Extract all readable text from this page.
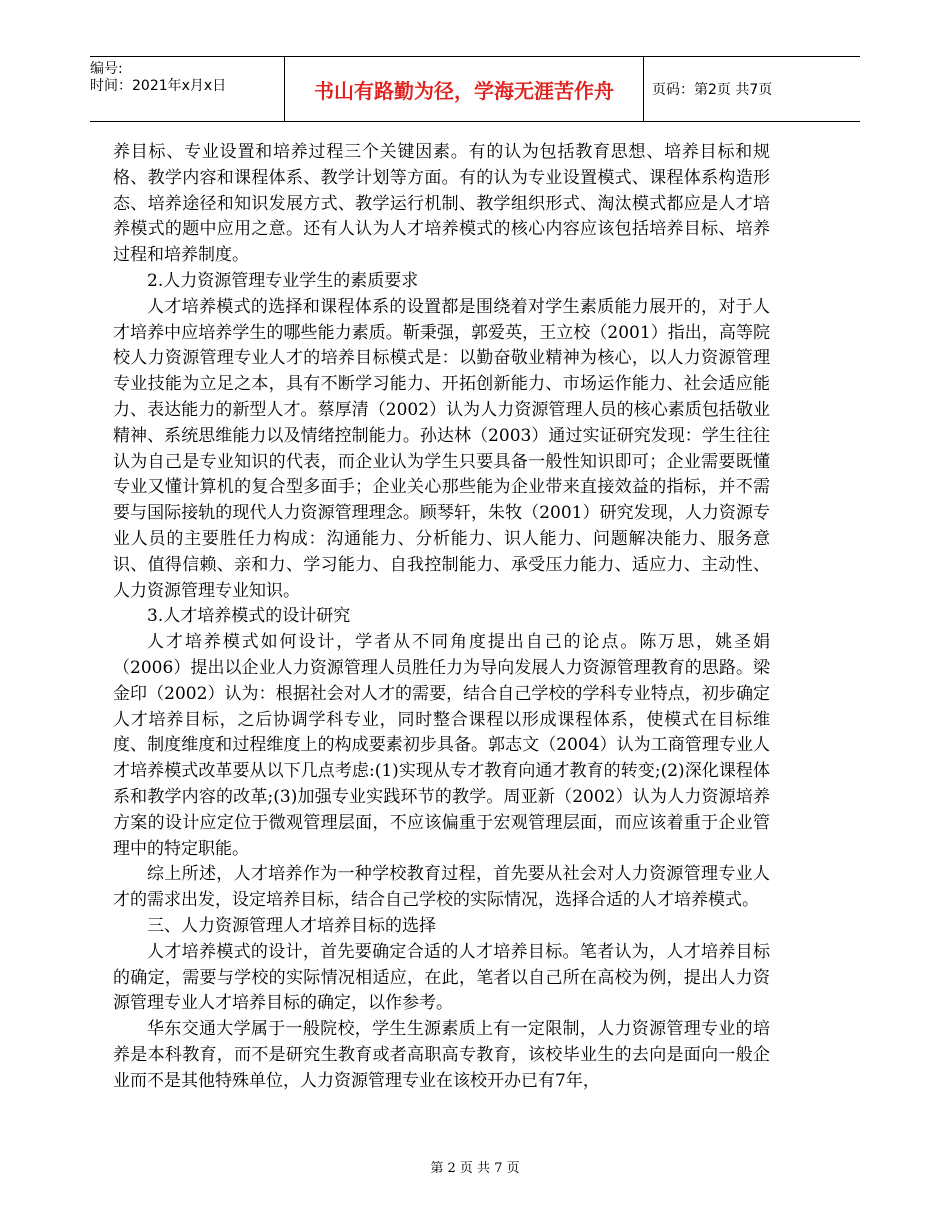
编号:
时间：2021年x月x日	书山有路勤为径，学海无涯苦作舟	页码：第2页 共7页

养目标、专业设置和培养过程三个关键因素。有的认为包括教育思想、培养目标和规格、教学内容和课程体系、教学计划等方面。有的认为专业设置模式、课程体系构造形态、培养途径和知识发展方式、教学运行机制、教学组织形式、淘汰模式都应是人才培养模式的题中应用之意。还有人认为人才培养模式的核心内容应该包括培养目标、培养过程和培养制度。

2.人力资源管理专业学生的素质要求

人才培养模式的选择和课程体系的设置都是围绕着对学生素质能力展开的，对于人才培养中应培养学生的哪些能力素质。靳秉强，郭爱英，王立校（2001）指出，高等院校人力资源管理专业人才的培养目标模式是：以勤奋敬业精神为核心，以人力资源管理专业技能为立足之本，具有不断学习能力、开拓创新能力、市场运作能力、社会适应能力、表达能力的新型人才。蔡厚清（2002）认为人力资源管理人员的核心素质包括敬业精神、系统思维能力以及情绪控制能力。孙达林（2003）通过实证研究发现：学生往往认为自己是专业知识的代表，而企业认为学生只要具备一般性知识即可；企业需要既懂专业又懂计算机的复合型多面手；企业关心那些能为企业带来直接效益的指标，并不需要与国际接轨的现代人力资源管理理念。顾琴轩，朱牧（2001）研究发现，人力资源专业人员的主要胜任力构成：沟通能力、分析能力、识人能力、问题解决能力、服务意识、值得信赖、亲和力、学习能力、自我控制能力、承受压力能力、适应力、主动性、人力资源管理专业知识。

3.人才培养模式的设计研究

人才培养模式如何设计，学者从不同角度提出自己的论点。陈万思，姚圣娟（2006）提出以企业人力资源管理人员胜任力为导向发展人力资源管理教育的思路。梁金印（2002）认为：根据社会对人才的需要，结合自己学校的学科专业特点，初步确定人才培养目标，之后协调学科专业，同时整合课程以形成课程体系，使模式在目标维度、制度维度和过程维度上的构成要素初步具备。郭志文（2004）认为工商管理专业人才培养模式改革要从以下几点考虑:(1)实现从专才教育向通才教育的转变;(2)深化课程体系和教学内容的改革;(3)加强专业实践环节的教学。周亚新（2002）认为人力资源培养方案的设计应定位于微观管理层面，不应该偏重于宏观管理层面，而应该着重于企业管理中的特定职能。

综上所述，人才培养作为一种学校教育过程，首先要从社会对人力资源管理专业人才的需求出发，设定培养目标，结合自己学校的实际情况，选择合适的人才培养模式。

三、人力资源管理人才培养目标的选择

人才培养模式的设计，首先要确定合适的人才培养目标。笔者认为，人才培养目标的确定，需要与学校的实际情况相适应，在此，笔者以自己所在高校为例，提出人力资源管理专业人才培养目标的确定，以作参考。

华东交通大学属于一般院校，学生生源素质上有一定限制，人力资源管理专业的培养是本科教育，而不是研究生教育或者高职高专教育，该校毕业生的去向是面向一般企业而不是其他特殊单位，人力资源管理专业在该校开办已有7年，

第 2 页 共 7 页
